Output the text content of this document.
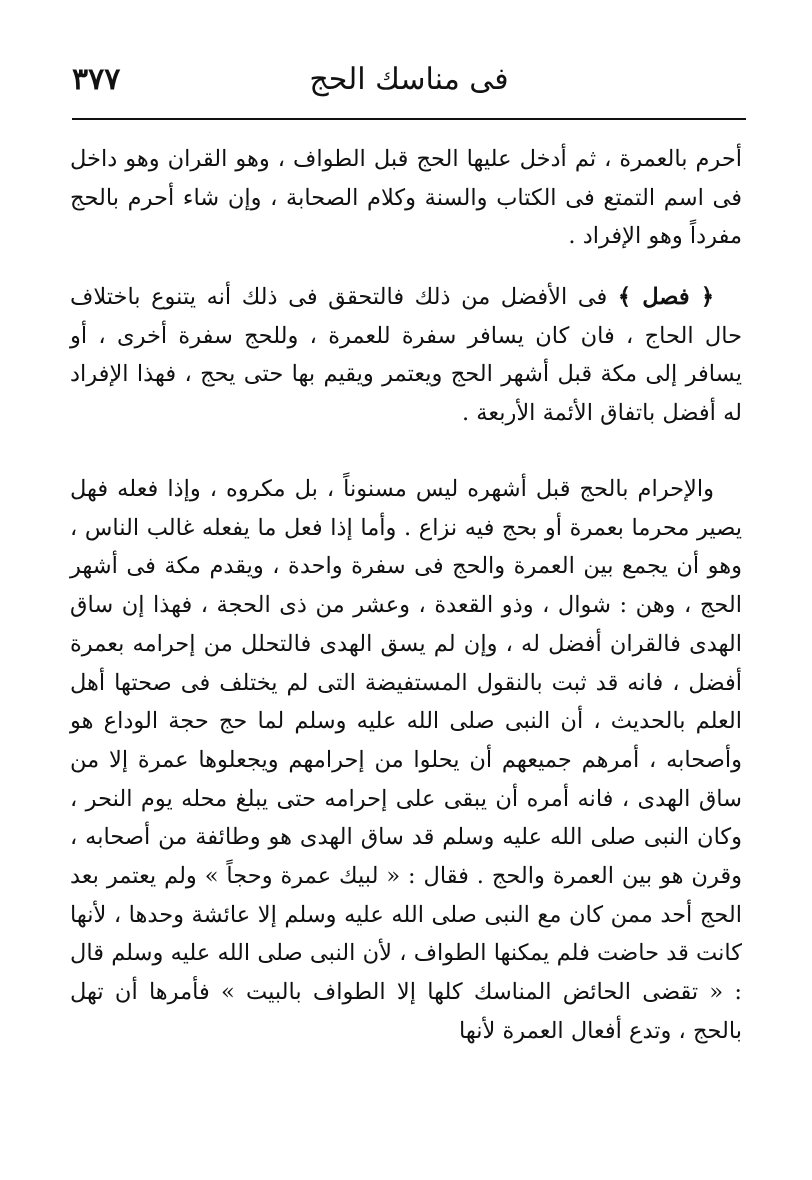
٣٧٧	فى مناسك الحج

أحرم بالعمرة ، ثم أدخل عليها الحج قبل الطواف ، وهو القران وهو داخل فى اسم التمتع فى الكتاب والسنة وكلام الصحابة ، وإن شاء أحرم بالحج مفرداً وهو الإفراد .

﴿ فصل ﴾ فى الأفضل من ذلك فالتحقق فى ذلك أنه يتنوع باختلاف حال الحاج ، فان كان يسافر سفرة للعمرة ، وللحج سفرة أخرى ، أو يسافر إلى مكة قبل أشهر الحج ويعتمر ويقيم بها حتى يحج ، فهذا الإفراد له أفضل باتفاق الأئمة الأربعة .

والإحرام بالحج قبل أشهره ليس مسنوناً ، بل مكروه ، وإذا فعله فهل يصير محرما بعمرة أو بحج فيه نزاع . وأما إذا فعل ما يفعله غالب الناس ، وهو أن يجمع بين العمرة والحج فى سفرة واحدة ، ويقدم مكة فى أشهر الحج ، وهن : شوال ، وذو القعدة ، وعشر من ذى الحجة ، فهذا إن ساق الهدى فالقران أفضل له ، وإن لم يسق الهدى فالتحلل من إحرامه بعمرة أفضل ، فانه قد ثبت بالنقول المستفيضة التى لم يختلف فى صحتها أهل العلم بالحديث ، أن النبى صلى الله عليه وسلم لما حج حجة الوداع هو وأصحابه ، أمرهم جميعهم أن يحلوا من إحرامهم ويجعلوها عمرة إلا من ساق الهدى ، فانه أمره أن يبقى على إحرامه حتى يبلغ محله يوم النحر ، وكان النبى صلى الله عليه وسلم قد ساق الهدى هو وطائفة من أصحابه ، وقرن هو بين العمرة والحج . فقال : « لبيك عمرة وحجاً » ولم يعتمر بعد الحج أحد ممن كان مع النبى صلى الله عليه وسلم إلا عائشة وحدها ، لأنها كانت قد حاضت فلم يمكنها الطواف ، لأن النبى صلى الله عليه وسلم قال : « تقضى الحائض المناسك كلها إلا الطواف بالبيت » فأمرها أن تهل بالحج ، وتدع أفعال العمرة لأنها
